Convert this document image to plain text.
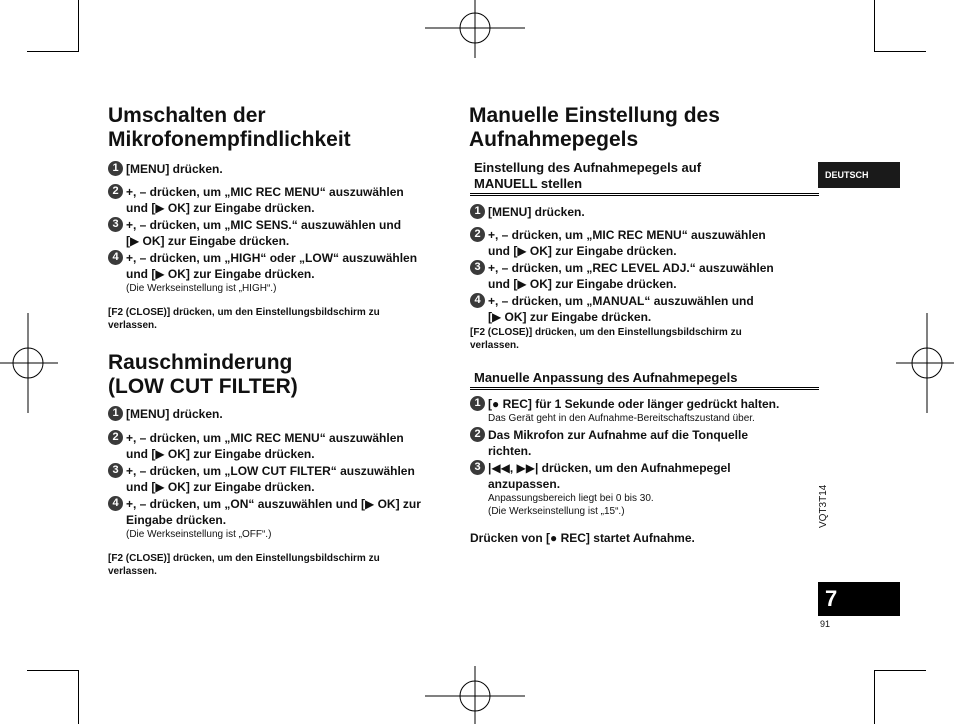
Umschalten der
Mikrofonempfindlichkeit
1 [MENU] drücken.
2 +, – drücken, um „MIC REC MENU“ auszuwählen
und [▶ OK] zur Eingabe drücken.
3 +, – drücken, um „MIC SENS.“ auszuwählen und
[▶ OK] zur Eingabe drücken.
4 +, – drücken, um „HIGH“ oder „LOW“ auszuwählen
und [▶ OK] zur Eingabe drücken.
(Die Werkseinstellung ist „HIGH“.)
[F2 (CLOSE)] drücken, um den Einstellungsbildschirm zu
verlassen.
Rauschminderung
(LOW CUT FILTER)
1 [MENU] drücken.
2 +, – drücken, um „MIC REC MENU“ auszuwählen
und [▶ OK] zur Eingabe drücken.
3 +, – drücken, um „LOW CUT FILTER“ auszuwählen
und [▶ OK] zur Eingabe drücken.
4 +, – drücken, um „ON“ auszuwählen und [▶ OK] zur
Eingabe drücken.
(Die Werkseinstellung ist „OFF“.)
[F2 (CLOSE)] drücken, um den Einstellungsbildschirm zu
verlassen.
Manuelle Einstellung des
Aufnahmepegels
Einstellung des Aufnahmepegels auf
MANUELL stellen
1 [MENU] drücken.
2 +, – drücken, um „MIC REC MENU“ auszuwählen
und [▶ OK] zur Eingabe drücken.
3 +, – drücken, um „REC LEVEL ADJ.“ auszuwählen
und [▶ OK] zur Eingabe drücken.
4 +, – drücken, um „MANUAL“ auszuwählen und
[▶ OK] zur Eingabe drücken.
[F2 (CLOSE)] drücken, um den Einstellungsbildschirm zu
verlassen.
Manuelle Anpassung des Aufnahmepegels
1 [● REC] für 1 Sekunde oder länger gedrückt halten.
Das Gerät geht in den Aufnahme-Bereitschaftszustand über.
2 Das Mikrofon zur Aufnahme auf die Tonquelle
richten.
3 |◀◀, ▶▶| drücken, um den Aufnahmepegel
anzupassen.
Anpassungsbereich liegt bei 0 bis 30.
(Die Werkseinstellung ist „15“.)
Drücken von [● REC] startet Aufnahme.
DEUTSCH
VQT3T14
7
91
